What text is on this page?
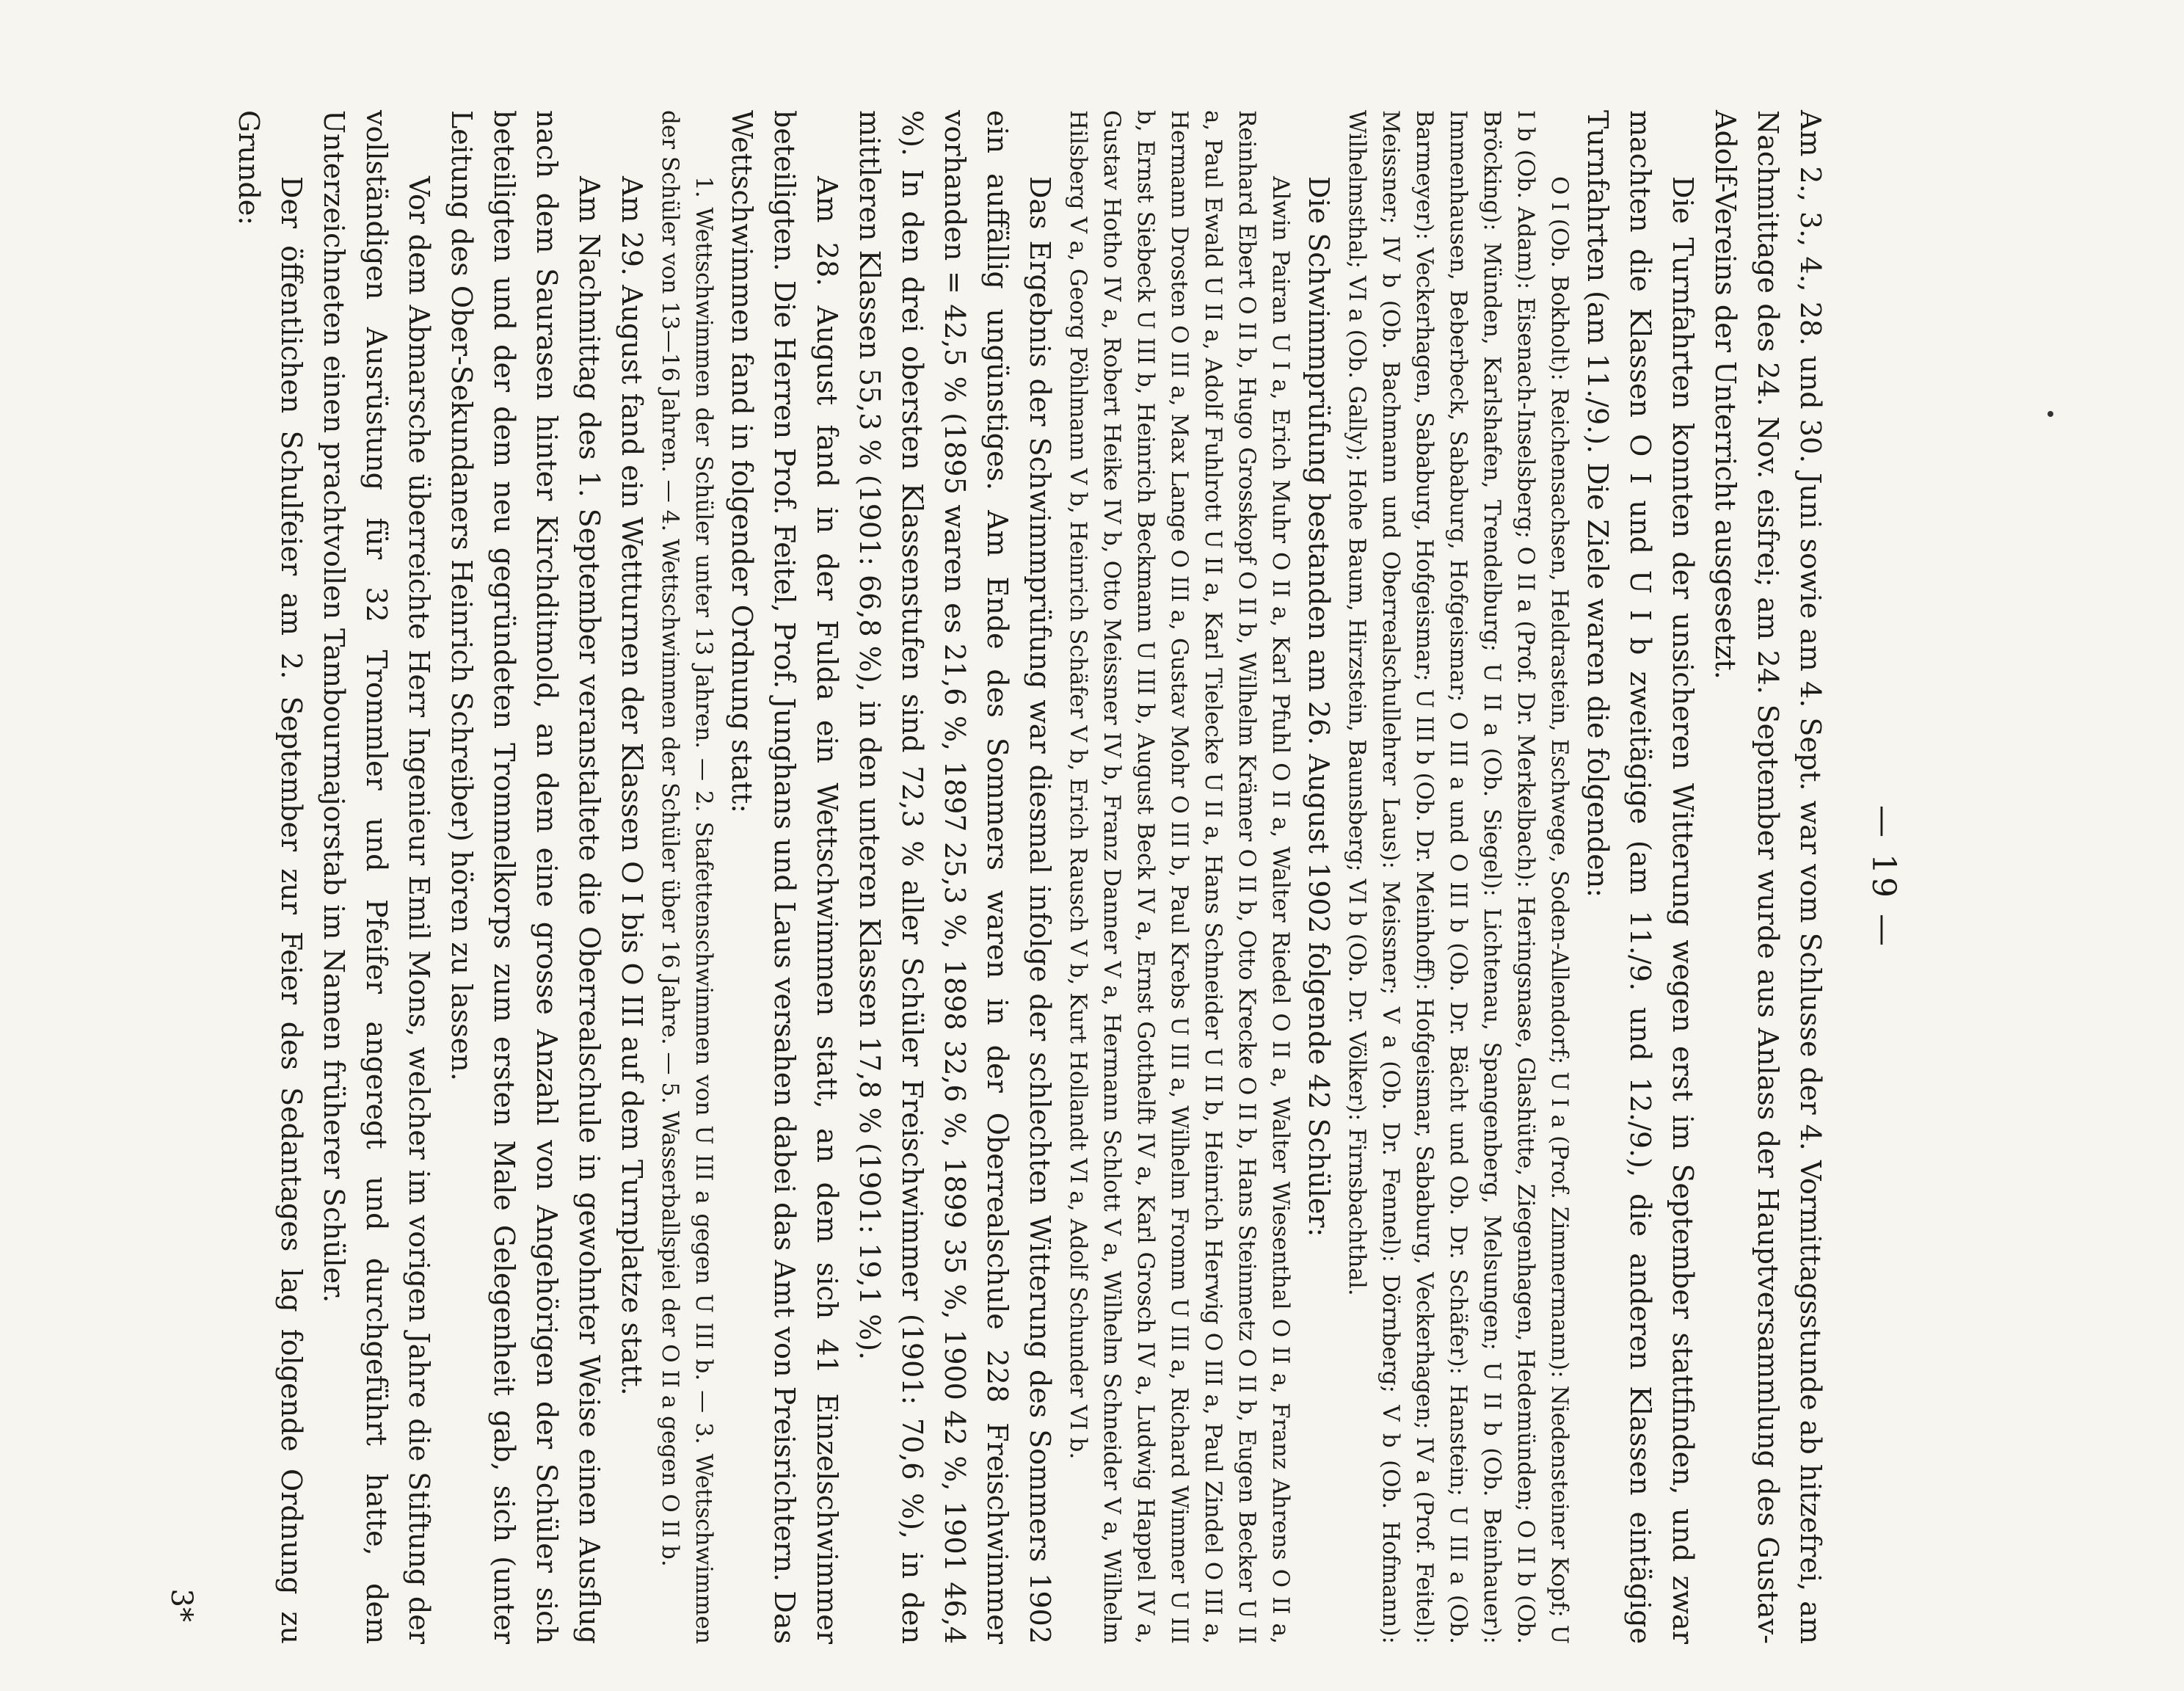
— 19 —

Am 2., 3., 4., 28. und 30. Juni sowie am 4. Sept. war vom Schlusse der 4. Vormittagsstunde ab hitzefrei, am Nachmittage des 24. Nov. eisfrei; am 24. September wurde aus Anlass der Hauptversammlung des Gustav-Adolf-Vereins der Unterricht ausgesetzt.

Die Turnfahrten konnten der unsicheren Witterung wegen erst im September stattfinden, und zwar machten die Klassen O I und U I b zweitägige (am 11./9. und 12./9.), die anderen Klassen eintägige Turnfahrten (am 11./9.). Die Ziele waren die folgenden:

O I (Ob. Bokholt): Reichensachsen, Heldrastein, Eschwege, Soden-Allendorf; U I a (Prof. Zimmermann): Niedensteiner Kopf; U I b (Ob. Adam): Eisenach-Inselsberg; O II a (Prof. Dr. Merkelbach): Heringsnase, Glashütte, Ziegenhagen, Hedemünden; O II b (Ob. Bröcking): Münden, Karlshafen, Trendelburg; U II a (Ob. Siegel): Lichtenau, Spangenberg, Melsungen; U II b (Ob. Beinhauer): Immenhausen, Beberbeck, Sababurg, Hofgeismar; O III a und O III b (Ob. Dr. Bächt und Ob. Dr. Schäfer): Hanstein; U III a (Ob. Barmeyer): Veckerhagen, Sababurg, Hofgeismar; U III b (Ob. Dr. Meinhoff): Hofgeismar, Sababurg, Veckerhagen; IV a (Prof. Feitel): Meissner; IV b (Ob. Bachmann und Oberrealschullehrer Laus): Meissner; V a (Ob. Dr. Fennel): Dörnberg; V b (Ob. Hofmann): Wilhelmsthal; VI a (Ob. Gally); Hohe Baum, Hirzstein, Baunsberg; VI b (Ob. Dr. Völker): Firnsbachthal.

Die Schwimmprüfung bestanden am 26. August 1902 folgende 42 Schüler:

Alwin Pairan U I a, Erich Muhr O II a, Karl Pfuhl O II a, Walter Riedel O II a, Walter Wiesenthal O II a, Franz Ahrens O II a, Reinhard Ebert O II b, Hugo Grosskopf O II b, Wilhelm Krämer O II b, Otto Krecke O II b, Hans Steinmetz O II b, Eugen Becker U II a, Paul Ewald U II a, Adolf Fuhlrott U II a, Karl Tielecke U II a, Hans Schneider U II b, Heinrich Herwig O III a, Paul Zindel O III a, Hermann Drosten O III a, Max Lange O III a, Gustav Mohr O III b, Paul Krebs U III a, Wilhelm Fromm U III a, Richard Wimmer U III b, Ernst Siebeck U III b, Heinrich Beckmann U III b, August Beck IV a, Ernst Gotthelft IV a, Karl Grosch IV a, Ludwig Happel IV a, Gustav Hotho IV a, Robert Heike IV b, Otto Meissner IV b, Franz Danner V a, Hermann Schlott V a, Wilhelm Schneider V a, Wilhelm Hilsberg V a, Georg Pöhlmann V b, Heinrich Schäfer V b, Erich Rausch V b, Kurt Hollandt VI a, Adolf Schunder VI b.

Das Ergebnis der Schwimmprüfung war diesmal infolge der schlechten Witterung des Sommers 1902 ein auffällig ungünstiges. Am Ende des Sommers waren in der Oberrealschule 228 Freischwimmer vorhanden = 42,5 % (1895 waren es 21,6 %, 1897 25,3 %, 1898 32,6 %, 1899 35 %, 1900 42 %, 1901 46,4 %). In den drei obersten Klassenstufen sind 72,3 % aller Schüler Freischwimmer (1901: 70,6 %), in den mittleren Klassen 55,3 % (1901: 66,8 %), in den unteren Klassen 17,8 % (1901: 19,1 %).

Am 28. August fand in der Fulda ein Wettschwimmen statt, an dem sich 41 Einzelschwimmer beteiligten. Die Herren Prof. Feitel, Prof. Junghans und Laus versahen dabei das Amt von Preisrichtern. Das Wettschwimmen fand in folgender Ordnung statt:

1. Wettschwimmen der Schüler unter 13 Jahren. — 2. Stafettenschwimmen von U III a gegen U III b. — 3. Wettschwimmen der Schüler von 13—16 Jahren. — 4. Wettschwimmen der Schüler über 16 Jahre. — 5. Wasserballspiel der O II a gegen O II b.

Am 29. August fand ein Wettturnen der Klassen O I bis O III auf dem Turnplatze statt.

Am Nachmittag des 1. September veranstaltete die Oberrealschule in gewohnter Weise einen Ausflug nach dem Saurasen hinter Kirchditmold, an dem eine grosse Anzahl von Angehörigen der Schüler sich beteiligten und der dem neu gegründeten Trommelkorps zum ersten Male Gelegenheit gab, sich (unter Leitung des Ober-Sekundaners Heinrich Schreiber) hören zu lassen.

Vor dem Abmarsche überreichte Herr Ingenieur Emil Mons, welcher im vorigen Jahre die Stiftung der vollständigen Ausrüstung für 32 Trommler und Pfeifer angeregt und durchgeführt hatte, dem Unterzeichneten einen prachtvollen Tambourmajorstab im Namen früherer Schüler.

Der öffentlichen Schulfeier am 2. September zur Feier des Sedantages lag folgende Ordnung zu Grunde:

3*
